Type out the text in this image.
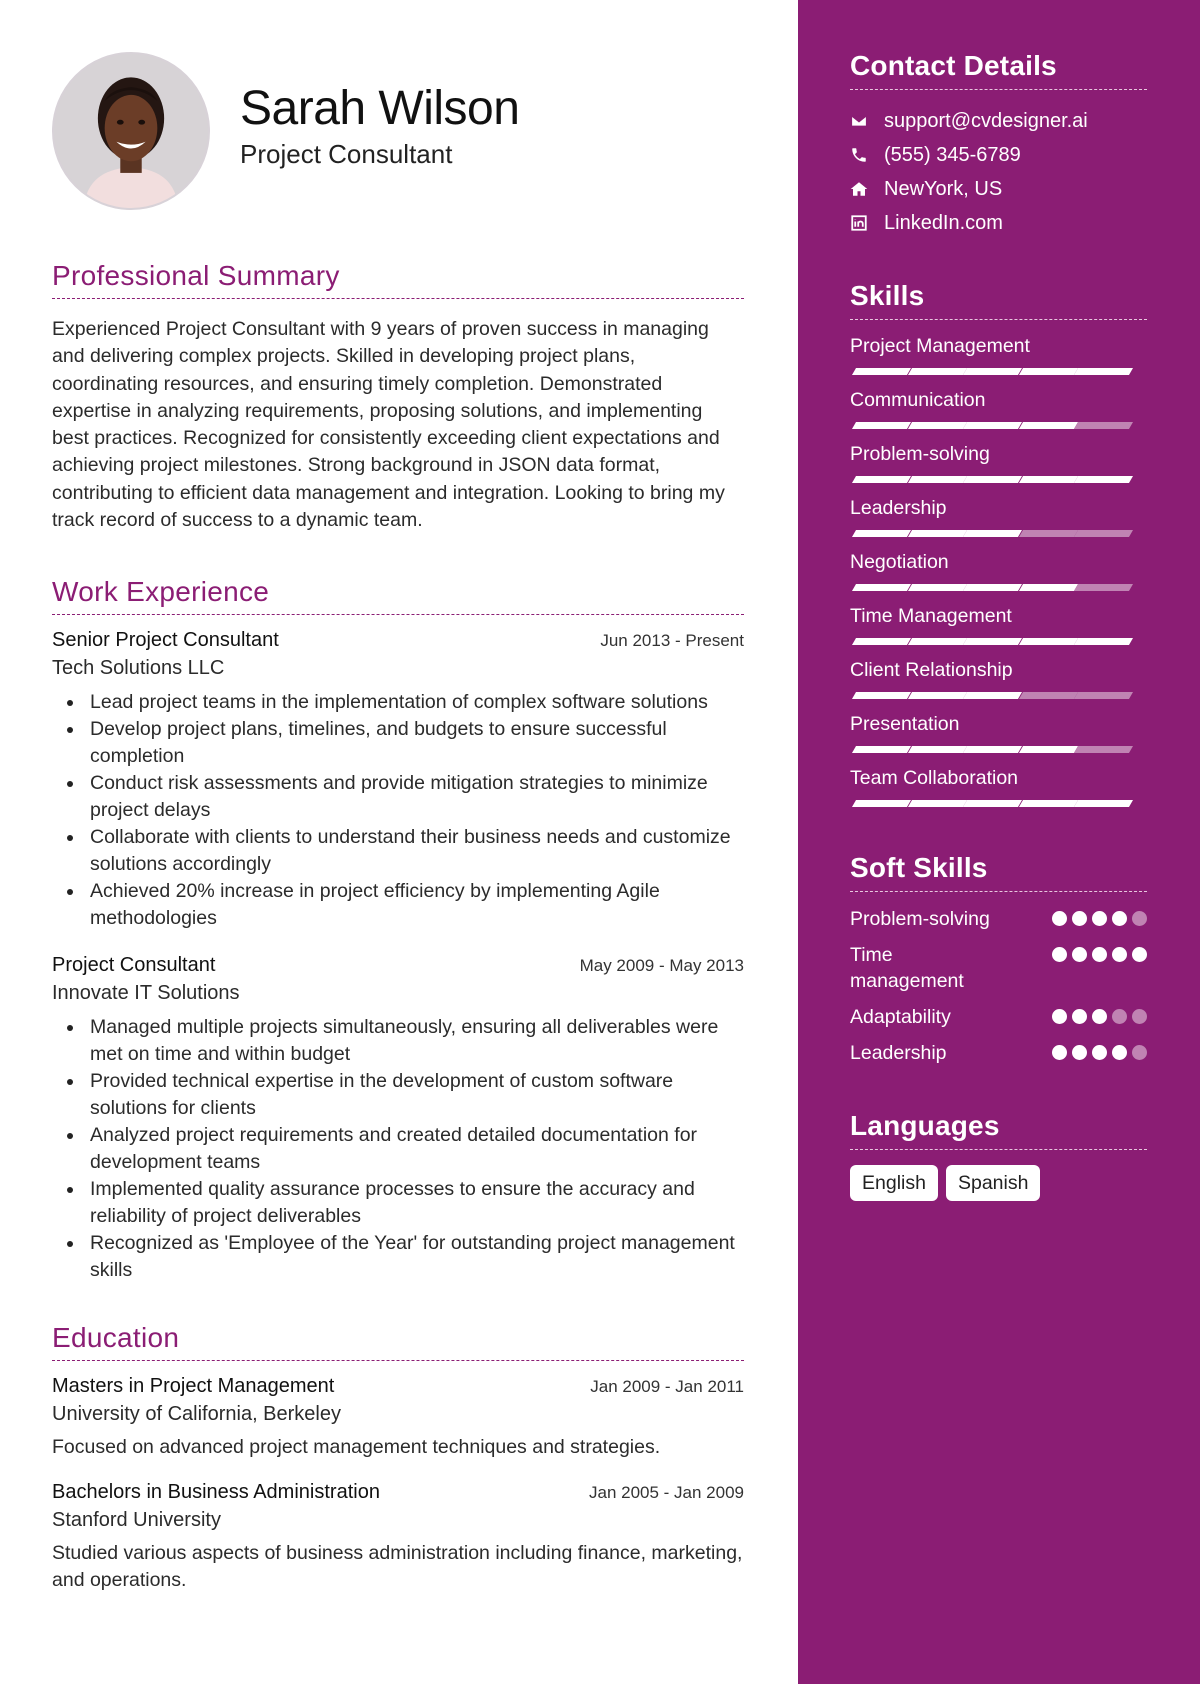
Sarah Wilson
Project Consultant
Professional Summary

Experienced Project Consultant with 9 years of proven success in managing and delivering complex projects. Skilled in developing project plans, coordinating resources, and ensuring timely completion. Demonstrated expertise in analyzing requirements, proposing solutions, and implementing best practices. Recognized for consistently exceeding client expectations and achieving project milestones. Strong background in JSON data format, contributing to efficient data management and integration. Looking to bring my track record of success to a dynamic team.

Work Experience
Senior Project Consultant	Jun 2013 - Present
Tech Solutions LLC
Lead project teams in the implementation of complex software solutions
Develop project plans, timelines, and budgets to ensure successful completion
Conduct risk assessments and provide mitigation strategies to minimize project delays
Collaborate with clients to understand their business needs and customize solutions accordingly
Achieved 20% increase in project efficiency by implementing Agile methodologies
Project Consultant	May 2009 - May 2013
Innovate IT Solutions
Managed multiple projects simultaneously, ensuring all deliverables were met on time and within budget
Provided technical expertise in the development of custom software solutions for clients
Analyzed project requirements and created detailed documentation for development teams
Implemented quality assurance processes to ensure the accuracy and reliability of project deliverables
Recognized as 'Employee of the Year' for outstanding project management skills
Education
Masters in Project Management	Jan 2009 - Jan 2011
University of California, Berkeley

Focused on advanced project management techniques and strategies.

Bachelors in Business Administration	Jan 2005 - Jan 2009
Stanford University

Studied various aspects of business administration including finance, marketing, and operations.

Contact Details
support@cvdesigner.ai
(555) 345-6789
NewYork, US
LinkedIn.com
Skills
Project Management
Communication
Problem-solving
Leadership
Negotiation
Time Management
Client Relationship
Presentation
Team Collaboration
Soft Skills
Problem-solving
Time management
Adaptability
Leadership
Languages
English	Spanish
